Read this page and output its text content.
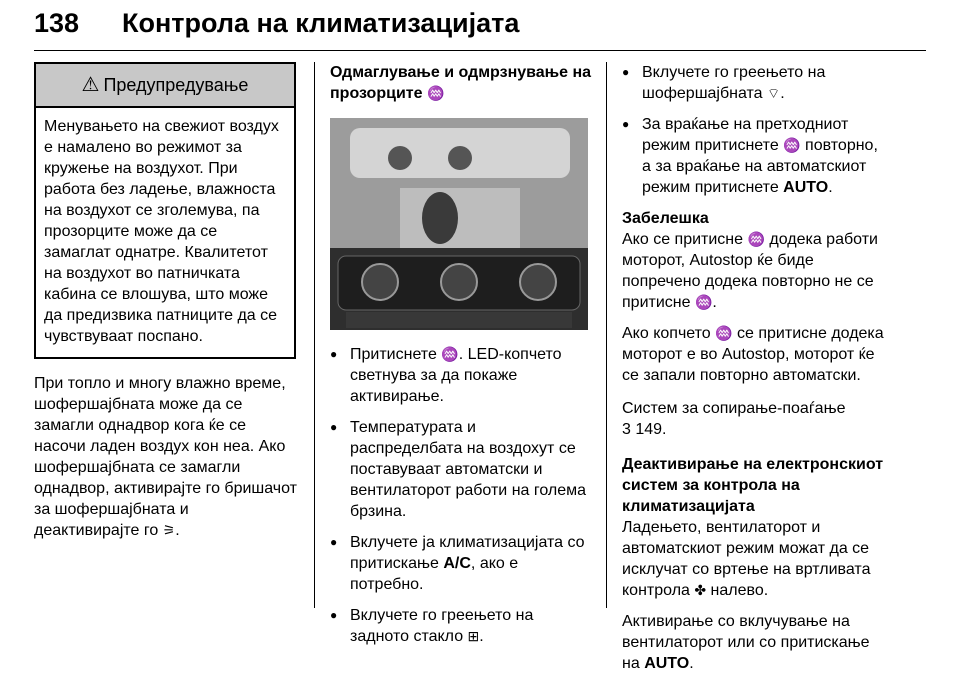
138 Контрола на климатизацијата
⚠ Предупредување
Менувањето на свежиот воздух е намалено во режимот за кружење на воздухот. При работа без ладење, влажноста на воздухот се зголемува, па прозорците може да се замаглат однатре. Квалитетот на воздухот во патничката кабина се влошува, што може да предизвика патниците да се чувствуваат поспано.

При топло и многу влажно време, шофершајбната може да се замагли однадвор кога ќе се насочи ладен воздух кон неа. Ако шофершајбната се замагли однадвор, активирајте го бришачот за шофершајбната и деактивирајте го ⚞.

Одмаглување и одмрзнување на прозорците ♒

● Притиснете ♒. LED-копчето светнува за да покаже активирање.
● Температурата и распределбата на воздохут се поставуваат автоматски и вентилаторот работи на голема брзина.
● Вклучете ја климатизацијата со притискање A/C, ако е потребно.
● Вклучете го греењето на задното стакло ⊞.
● Вклучете го греењето на шофершајбната ⌔.
● За враќање на претходниот режим притиснете ♒ повторно, а за враќање на автоматскиот режим притиснете AUTO.

Забелешка

Ако се притисне ♒ додека работи моторот, Autostop ќе биде попречено додека повторно не се притисне ♒.

Ако копчето ♒ се притисне додека моторот е во Autostop, моторот ќе се запали повторно автоматски.

Систем за сопирање-поаѓање
3 149.

Деактивирање на електронскиот систем за контрола на климатизацијата

Ладењето, вентилаторот и автоматскиот режим можат да се исклучат со вртење на вртливата контрола ✤ налево.

Активирање со вклучување на вентилаторот или со притискање на AUTO.
